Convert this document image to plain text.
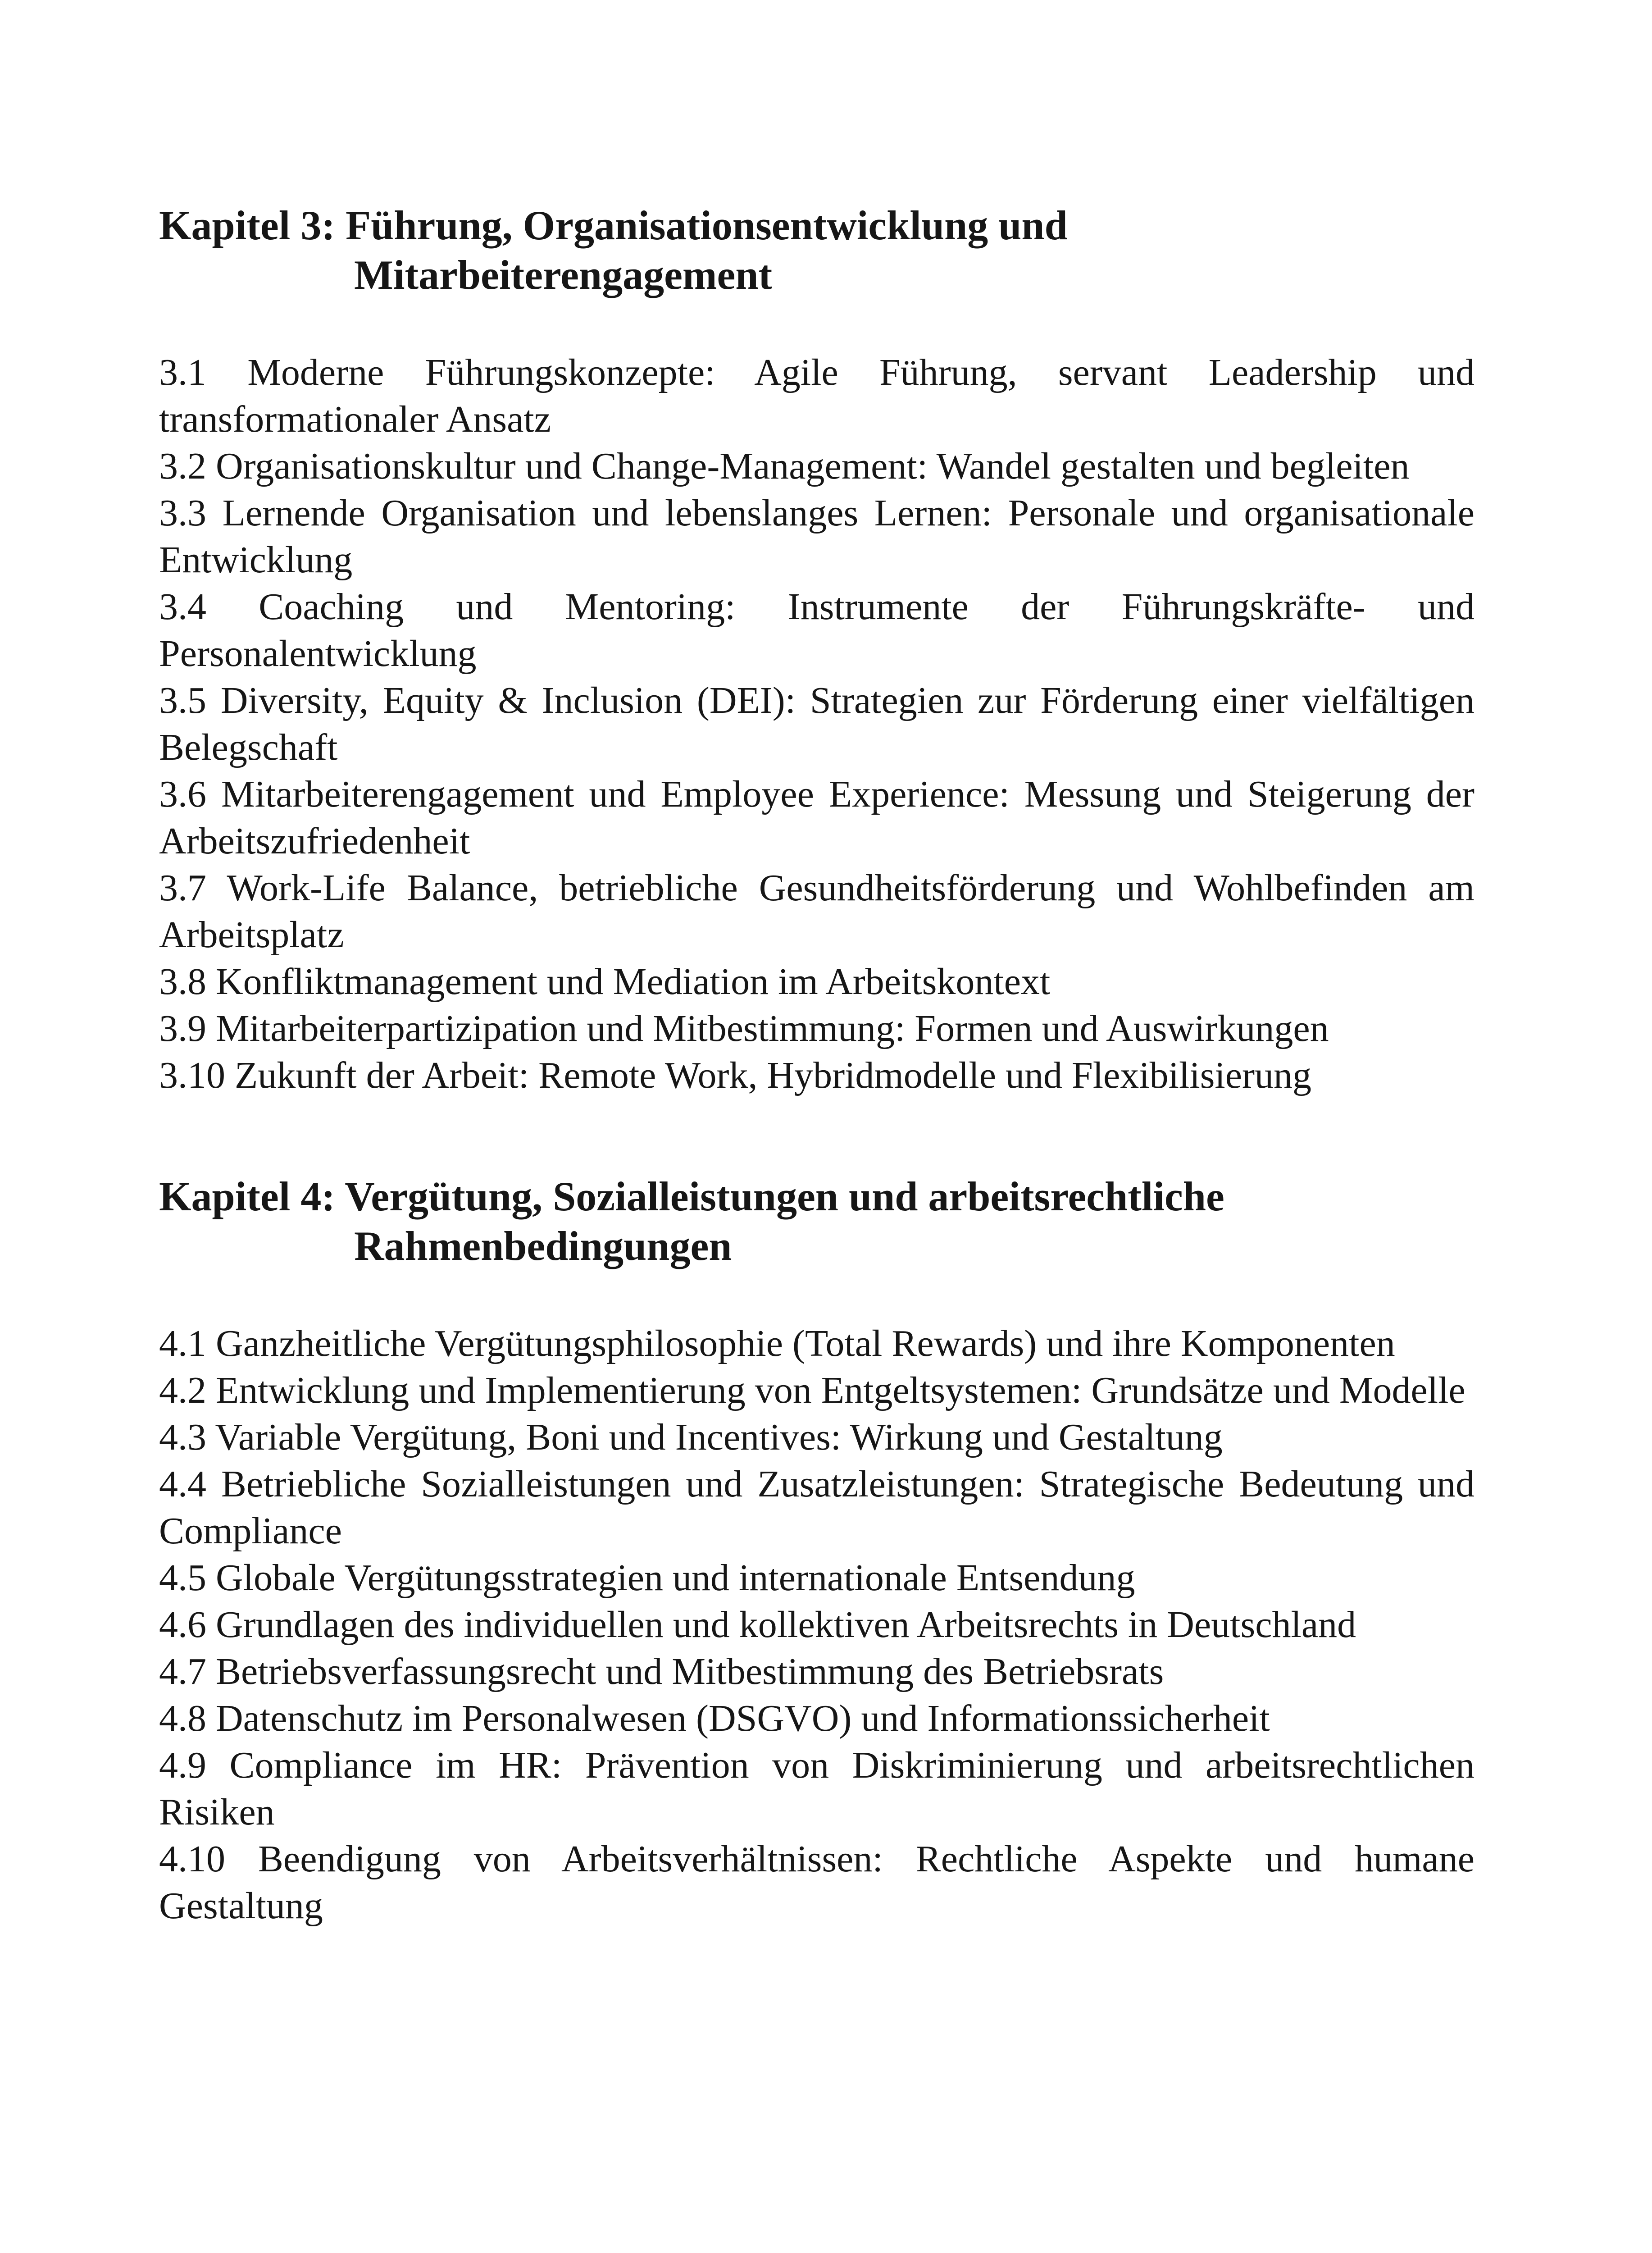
Kapitel 3: Führung, Organisationsentwicklung und
Mitarbeiterengagement
3.1 Moderne Führungskonzepte: Agile Führung, servant Leadership und transformationaler Ansatz
3.2 Organisationskultur und Change-Management: Wandel gestalten und begleiten
3.3 Lernende Organisation und lebenslanges Lernen: Personale und organisationale Entwicklung
3.4 Coaching und Mentoring: Instrumente der Führungskräfte- und Personalentwicklung
3.5 Diversity, Equity & Inclusion (DEI): Strategien zur Förderung einer vielfältigen Belegschaft
3.6 Mitarbeiterengagement und Employee Experience: Messung und Steigerung der Arbeitszufriedenheit
3.7 Work-Life Balance, betriebliche Gesundheitsförderung und Wohlbefinden am Arbeitsplatz
3.8 Konfliktmanagement und Mediation im Arbeitskontext
3.9 Mitarbeiterpartizipation und Mitbestimmung: Formen und Auswirkungen
3.10 Zukunft der Arbeit: Remote Work, Hybridmodelle und Flexibilisierung
Kapitel 4: Vergütung, Sozialleistungen und arbeitsrechtliche
Rahmenbedingungen
4.1 Ganzheitliche Vergütungsphilosophie (Total Rewards) und ihre Komponenten
4.2 Entwicklung und Implementierung von Entgeltsystemen: Grundsätze und Modelle
4.3 Variable Vergütung, Boni und Incentives: Wirkung und Gestaltung
4.4 Betriebliche Sozialleistungen und Zusatzleistungen: Strategische Bedeutung und Compliance
4.5 Globale Vergütungsstrategien und internationale Entsendung
4.6 Grundlagen des individuellen und kollektiven Arbeitsrechts in Deutschland
4.7 Betriebsverfassungsrecht und Mitbestimmung des Betriebsrats
4.8 Datenschutz im Personalwesen (DSGVO) und Informationssicherheit
4.9 Compliance im HR: Prävention von Diskriminierung und arbeitsrechtlichen Risiken
4.10 Beendigung von Arbeitsverhältnissen: Rechtliche Aspekte und humane Gestaltung
